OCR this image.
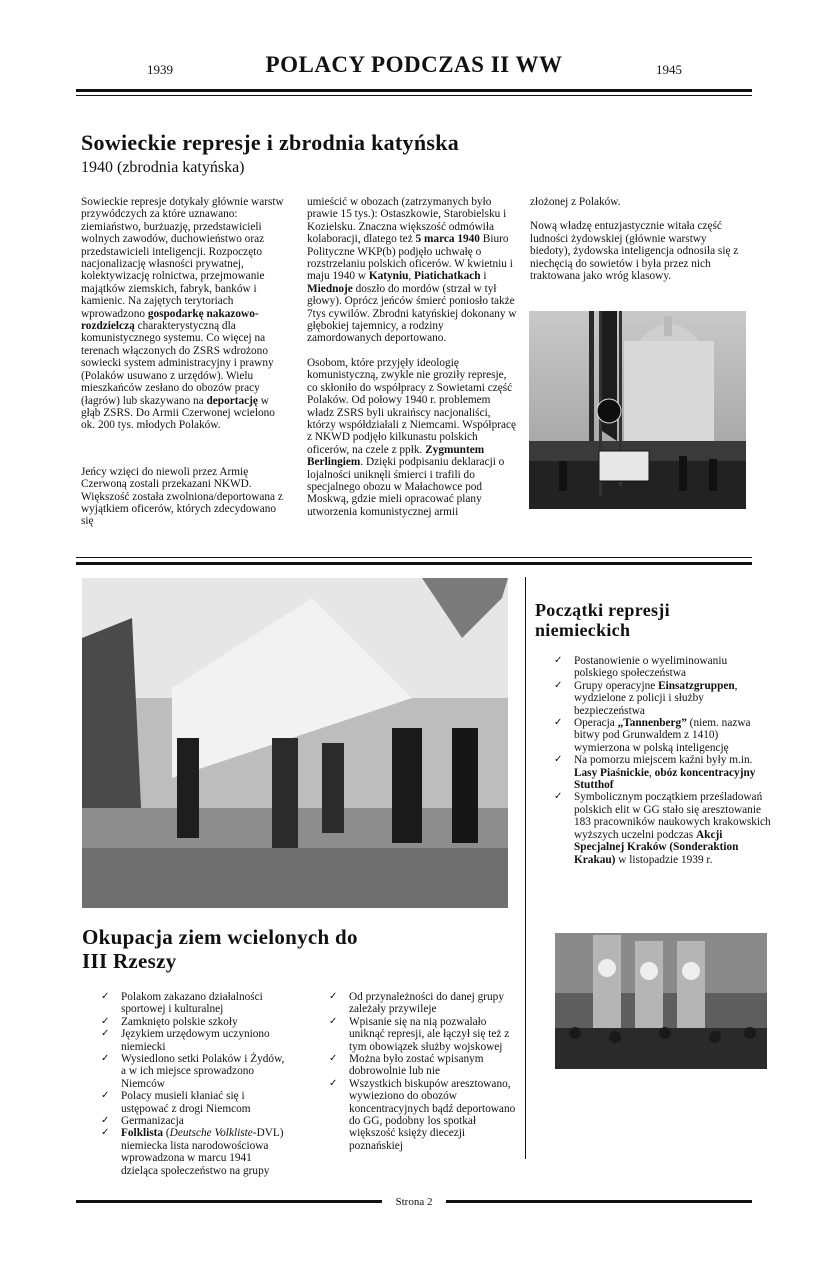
1939	POLACY PODCZAS II WW	1945
Sowieckie represje i zbrodnia katyńska
1940 (zbrodnia katyńska)

Sowieckie represje dotykały głównie warstw przywódczych za które uznawano: ziemiaństwo, burżuazję, przedstawicieli wolnych zawodów, duchowieństwo oraz przedstawicieli inteligencji. Rozpoczęto nacjonalizację własności prywatnej, kolektywizację rolnictwa, przejmowanie majątków ziemskich, fabryk, banków i kamienic. Na zajętych terytoriach wprowadzono gospodarkę nakazowo-rozdzielczą charakterystyczną dla komunistycznego systemu. Co więcej na terenach włączonych do ZSRS wdrożono sowiecki system administracyjny i prawny (Polaków usuwano z urzędów). Wielu mieszkańców zesłano do obozów pracy (łagrów) lub skazywano na deportację w głąb ZSRS. Do Armii Czerwonej wcielono ok. 200 tys. młodych Polaków.

Jeńcy wzięci do niewoli przez Armię Czerwoną zostali przekazani NKWD. Większość została zwolniona/deportowana z wyjątkiem oficerów, których zdecydowano się

umieścić w obozach (zatrzymanych było prawie 15 tys.): Ostaszkowie, Starobielsku i Kozielsku. Znaczna większość odmówiła kolaboracji, dlatego też 5 marca 1940 Biuro Polityczne WKP(b) podjęło uchwałę o rozstrzelaniu polskich oficerów. W kwietniu i maju 1940 w Katyniu, Piatichatkach i Miednoje doszło do mordów (strzał w tył głowy). Oprócz jeńców śmierć poniosło także 7tys cywilów. Zbrodni katyńskiej dokonany w głębokiej tajemnicy, a rodziny zamordowanych deportowano.

Osobom, które przyjęły ideologię komunistyczną, zwykle nie groziły represje, co skłoniło do współpracy z Sowietami część Polaków. Od połowy 1940 r. problemem władz ZSRS byli ukraińscy nacjonaliści, którzy współdziałali z Niemcami. Współpracę z NKWD podjęło kilkunastu polskich oficerów, na czele z ppłk. Zygmuntem Berlingiem. Dzięki podpisaniu deklaracji o lojalności uniknęli śmierci i trafili do specjalnego obozu w Małachowce pod Moskwą, gdzie mieli opracować plany utworzenia komunistycznej armii

złożonej z Polaków.

Nową władzę entuzjastycznie witała część ludności żydowskiej (głównie warstwy biedoty), żydowska inteligencja odnosiła się z niechęcią do sowietów i była przez nich traktowana jako wróg klasowy.

Początki represji
niemieckich
✓ Postanowienie o wyeliminowaniu polskiego społeczeństwa
✓ Grupy operacyjne Einsatzgruppen, wydzielone z policji i służby bezpieczeństwa
✓ Operacja „Tannenberg” (niem. nazwa bitwy pod Grunwaldem z 1410) wymierzona w polską inteligencję
✓ Na pomorzu miejscem kaźni były m.in. Lasy Piaśnickie, obóz koncentracyjny Stutthof
✓ Symbolicznym początkiem prześladowań polskich elit w GG stało się aresztowanie 183 pracowników naukowych krakowskich wyższych uczelni podczas Akcji Specjalnej Kraków (Sonderaktion Krakau) w listopadzie 1939 r.
Okupacja ziem wcielonych do
III Rzeszy
✓ Polakom zakazano działalności sportowej i kulturalnej
✓ Zamknięto polskie szkoły
✓ Językiem urzędowym uczyniono niemiecki
✓ Wysiedlono setki Polaków i Żydów, a w ich miejsce sprowadzono Niemców
✓ Polacy musieli kłaniać się i ustępować z drogi Niemcom
✓ Germanizacja
✓ Folklista (Deutsche Volkliste-DVL) niemiecka lista narodowościowa wprowadzona w marcu 1941 dzieląca społeczeństwo na grupy
✓ Od przynależności do danej grupy zależały przywileje
✓ Wpisanie się na nią pozwalało uniknąć represji, ale łączył się też z tym obowiązek służby wojskowej
✓ Można było zostać wpisanym dobrowolnie lub nie
✓ Wszystkich biskupów aresztowano, wywieziono do obozów koncentracyjnych bądź deportowano do GG, podobny los spotkał większość księży diecezji poznańskiej
Strona 2
